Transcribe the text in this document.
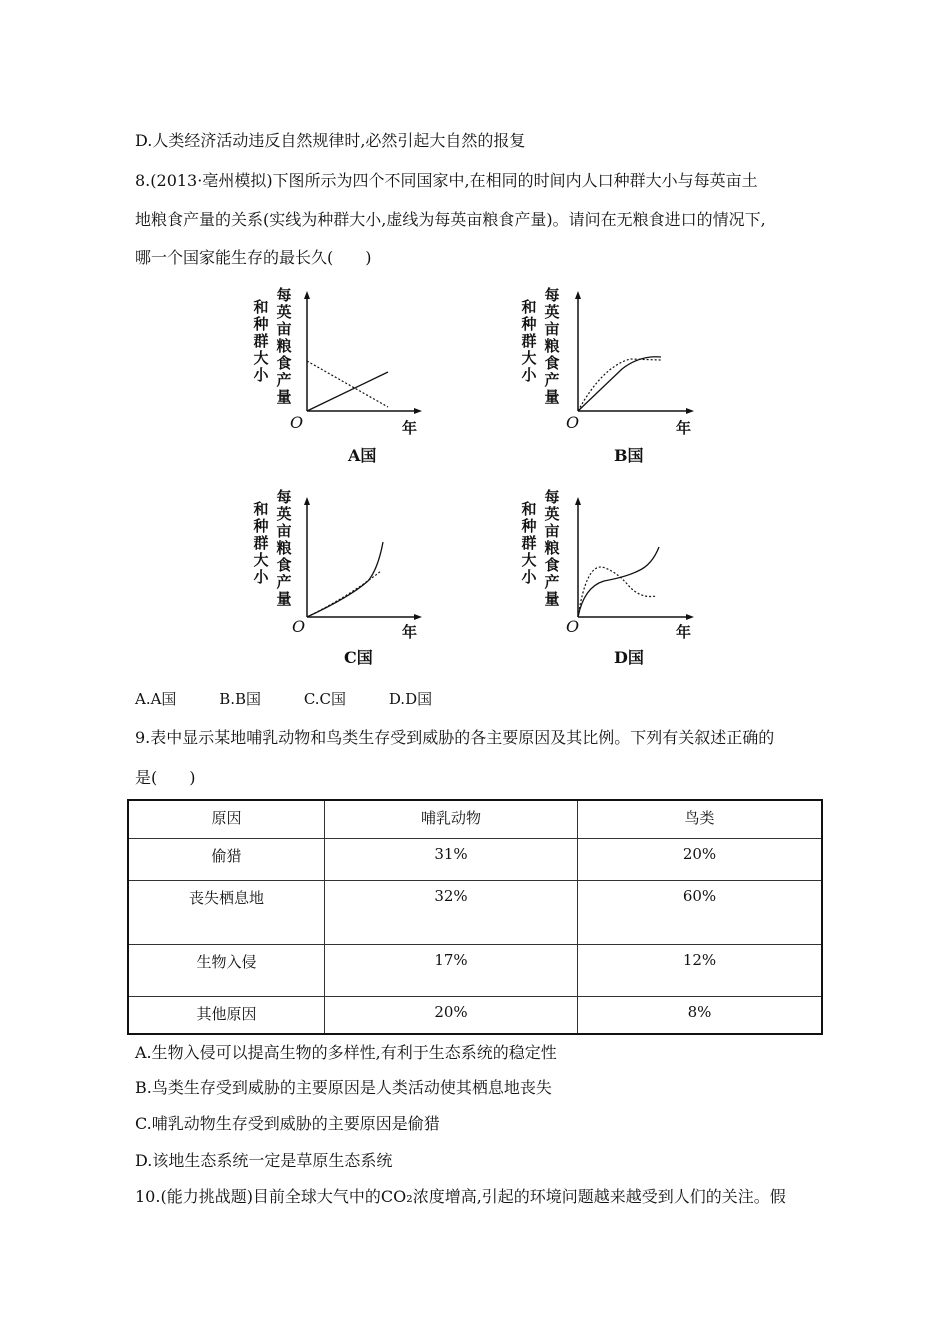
D.人类经济活动违反自然规律时,必然引起大自然的报复
8.(2013·亳州模拟)下图所示为四个不同国家中,在相同的时间内人口种群大小与每英亩土
地粮食产量的关系(实线为种群大小,虚线为每英亩粮食产量)。请问在无粮食进口的情况下,
哪一个国家能生存的最长久(　　)
和种群大小
每英亩粮食产量
O	年
A国
和种群大小
每英亩粮食产量
O	年
B国
和种群大小
每英亩粮食产量
O	年
C国
和种群大小
每英亩粮食产量
O	年
D国
A.A国	B.B国	C.C国	D.D国
9.表中显示某地哺乳动物和鸟类生存受到威胁的各主要原因及其比例。下列有关叙述正确的
是(　　)
原因	哺乳动物	鸟类
偷猎	31%	20%
丧失栖息地	32%	60%
生物入侵	17%	12%
其他原因	20%	8%
A.生物入侵可以提高生物的多样性,有利于生态系统的稳定性
B.鸟类生存受到威胁的主要原因是人类活动使其栖息地丧失
C.哺乳动物生存受到威胁的主要原因是偷猎
D.该地生态系统一定是草原生态系统
10.(能力挑战题)目前全球大气中的CO₂浓度增高,引起的环境问题越来越受到人们的关注。假
